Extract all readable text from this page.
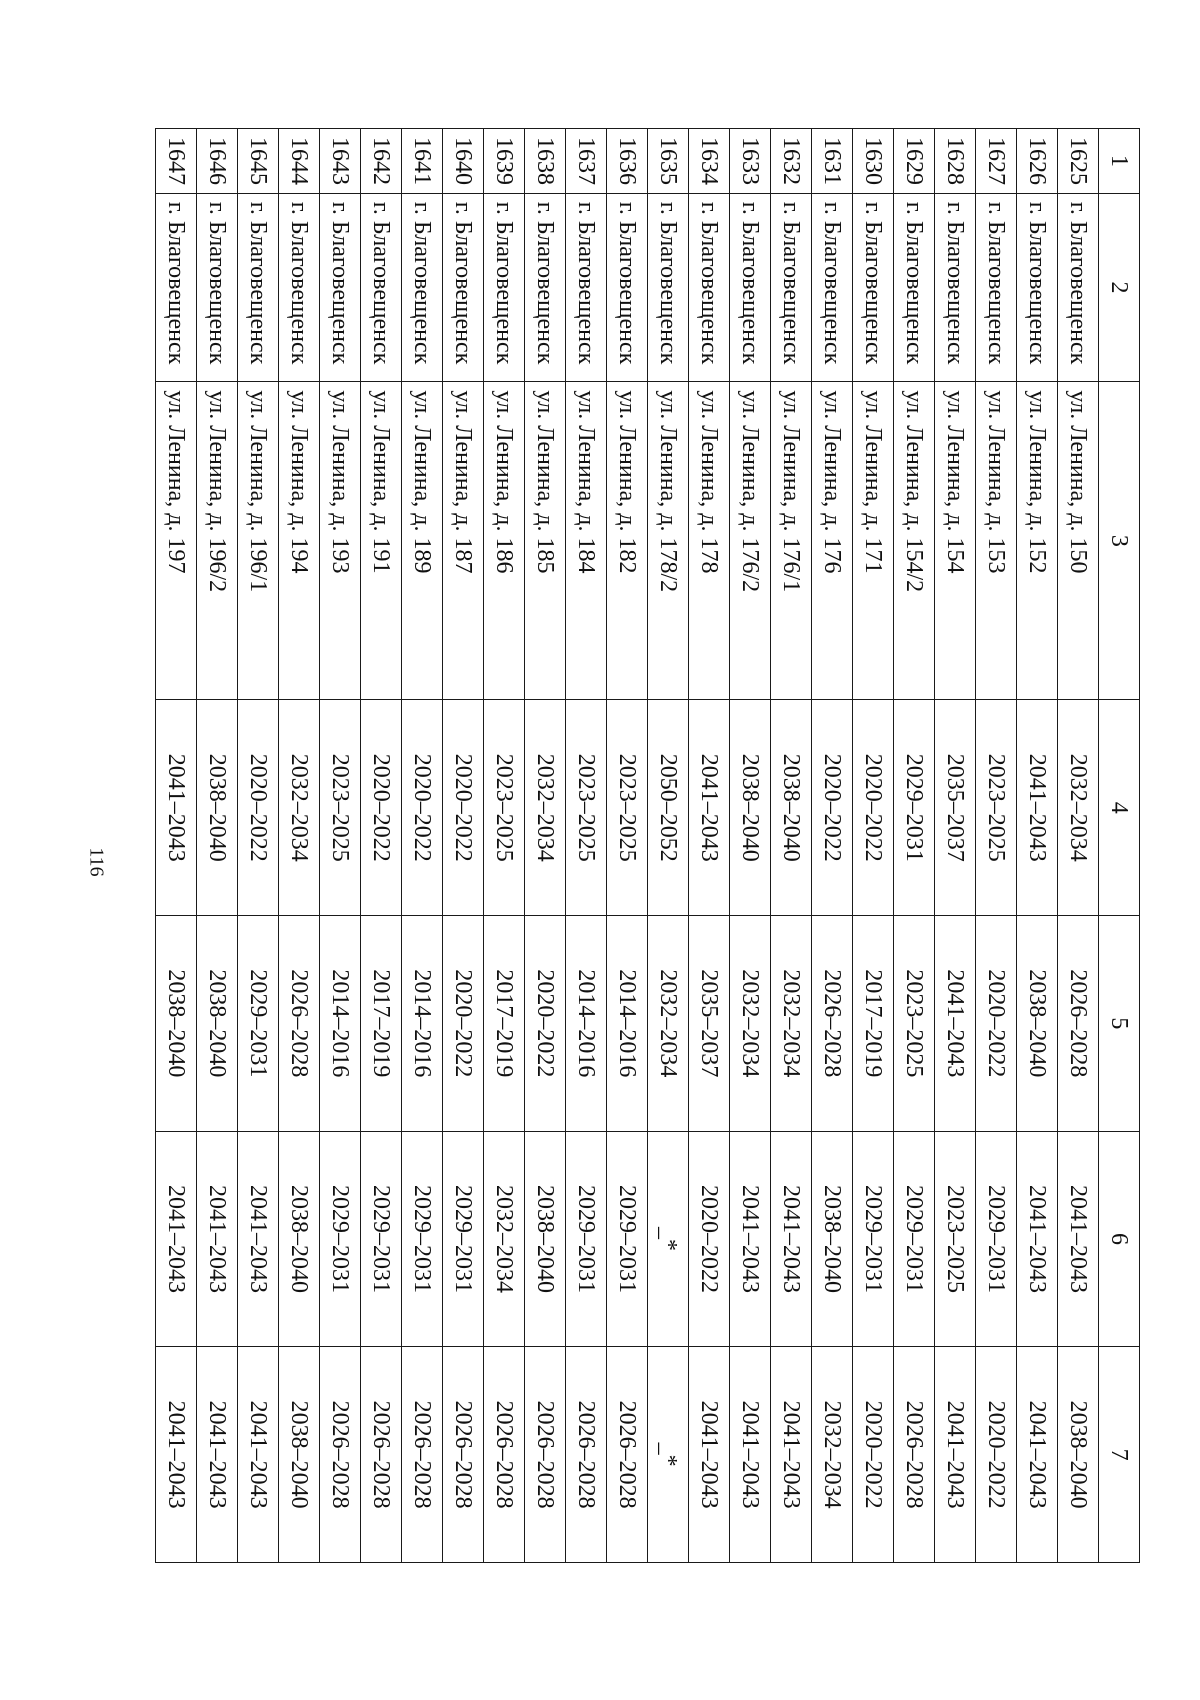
116
1	2	3	4	5	6	7
1625	г. Благовещенск	ул. Ленина, д. 150	2032–2034	2026–2028	2041–2043	2038–2040
1626	г. Благовещенск	ул. Ленина, д. 152	2041–2043	2038–2040	2041–2043	2041–2043
1627	г. Благовещенск	ул. Ленина, д. 153	2023–2025	2020–2022	2029–2031	2020–2022
1628	г. Благовещенск	ул. Ленина, д. 154	2035–2037	2041–2043	2023–2025	2041–2043
1629	г. Благовещенск	ул. Ленина, д. 154/2	2029–2031	2023–2025	2029–2031	2026–2028
1630	г. Благовещенск	ул. Ленина, д. 171	2020–2022	2017–2019	2029–2031	2020–2022
1631	г. Благовещенск	ул. Ленина, д. 176	2020–2022	2026–2028	2038–2040	2032–2034
1632	г. Благовещенск	ул. Ленина, д. 176/1	2038–2040	2032–2034	2041–2043	2041–2043
1633	г. Благовещенск	ул. Ленина, д. 176/2	2038–2040	2032–2034	2041–2043	2041–2043
1634	г. Благовещенск	ул. Ленина, д. 178	2041–2043	2035–2037	2020–2022	2041–2043
1635	г. Благовещенск	ул. Ленина, д. 178/2	2050–2052	2032–2034	_*	_*
1636	г. Благовещенск	ул. Ленина, д. 182	2023–2025	2014–2016	2029–2031	2026–2028
1637	г. Благовещенск	ул. Ленина, д. 184	2023–2025	2014–2016	2029–2031	2026–2028
1638	г. Благовещенск	ул. Ленина, д. 185	2032–2034	2020–2022	2038–2040	2026–2028
1639	г. Благовещенск	ул. Ленина, д. 186	2023–2025	2017–2019	2032–2034	2026–2028
1640	г. Благовещенск	ул. Ленина, д. 187	2020–2022	2020–2022	2029–2031	2026–2028
1641	г. Благовещенск	ул. Ленина, д. 189	2020–2022	2014–2016	2029–2031	2026–2028
1642	г. Благовещенск	ул. Ленина, д. 191	2020–2022	2017–2019	2029–2031	2026–2028
1643	г. Благовещенск	ул. Ленина, д. 193	2023–2025	2014–2016	2029–2031	2026–2028
1644	г. Благовещенск	ул. Ленина, д. 194	2032–2034	2026–2028	2038–2040	2038–2040
1645	г. Благовещенск	ул. Ленина, д. 196/1	2020–2022	2029–2031	2041–2043	2041–2043
1646	г. Благовещенск	ул. Ленина, д. 196/2	2038–2040	2038–2040	2041–2043	2041–2043
1647	г. Благовещенск	ул. Ленина, д. 197	2041–2043	2038–2040	2041–2043	2041–2043
